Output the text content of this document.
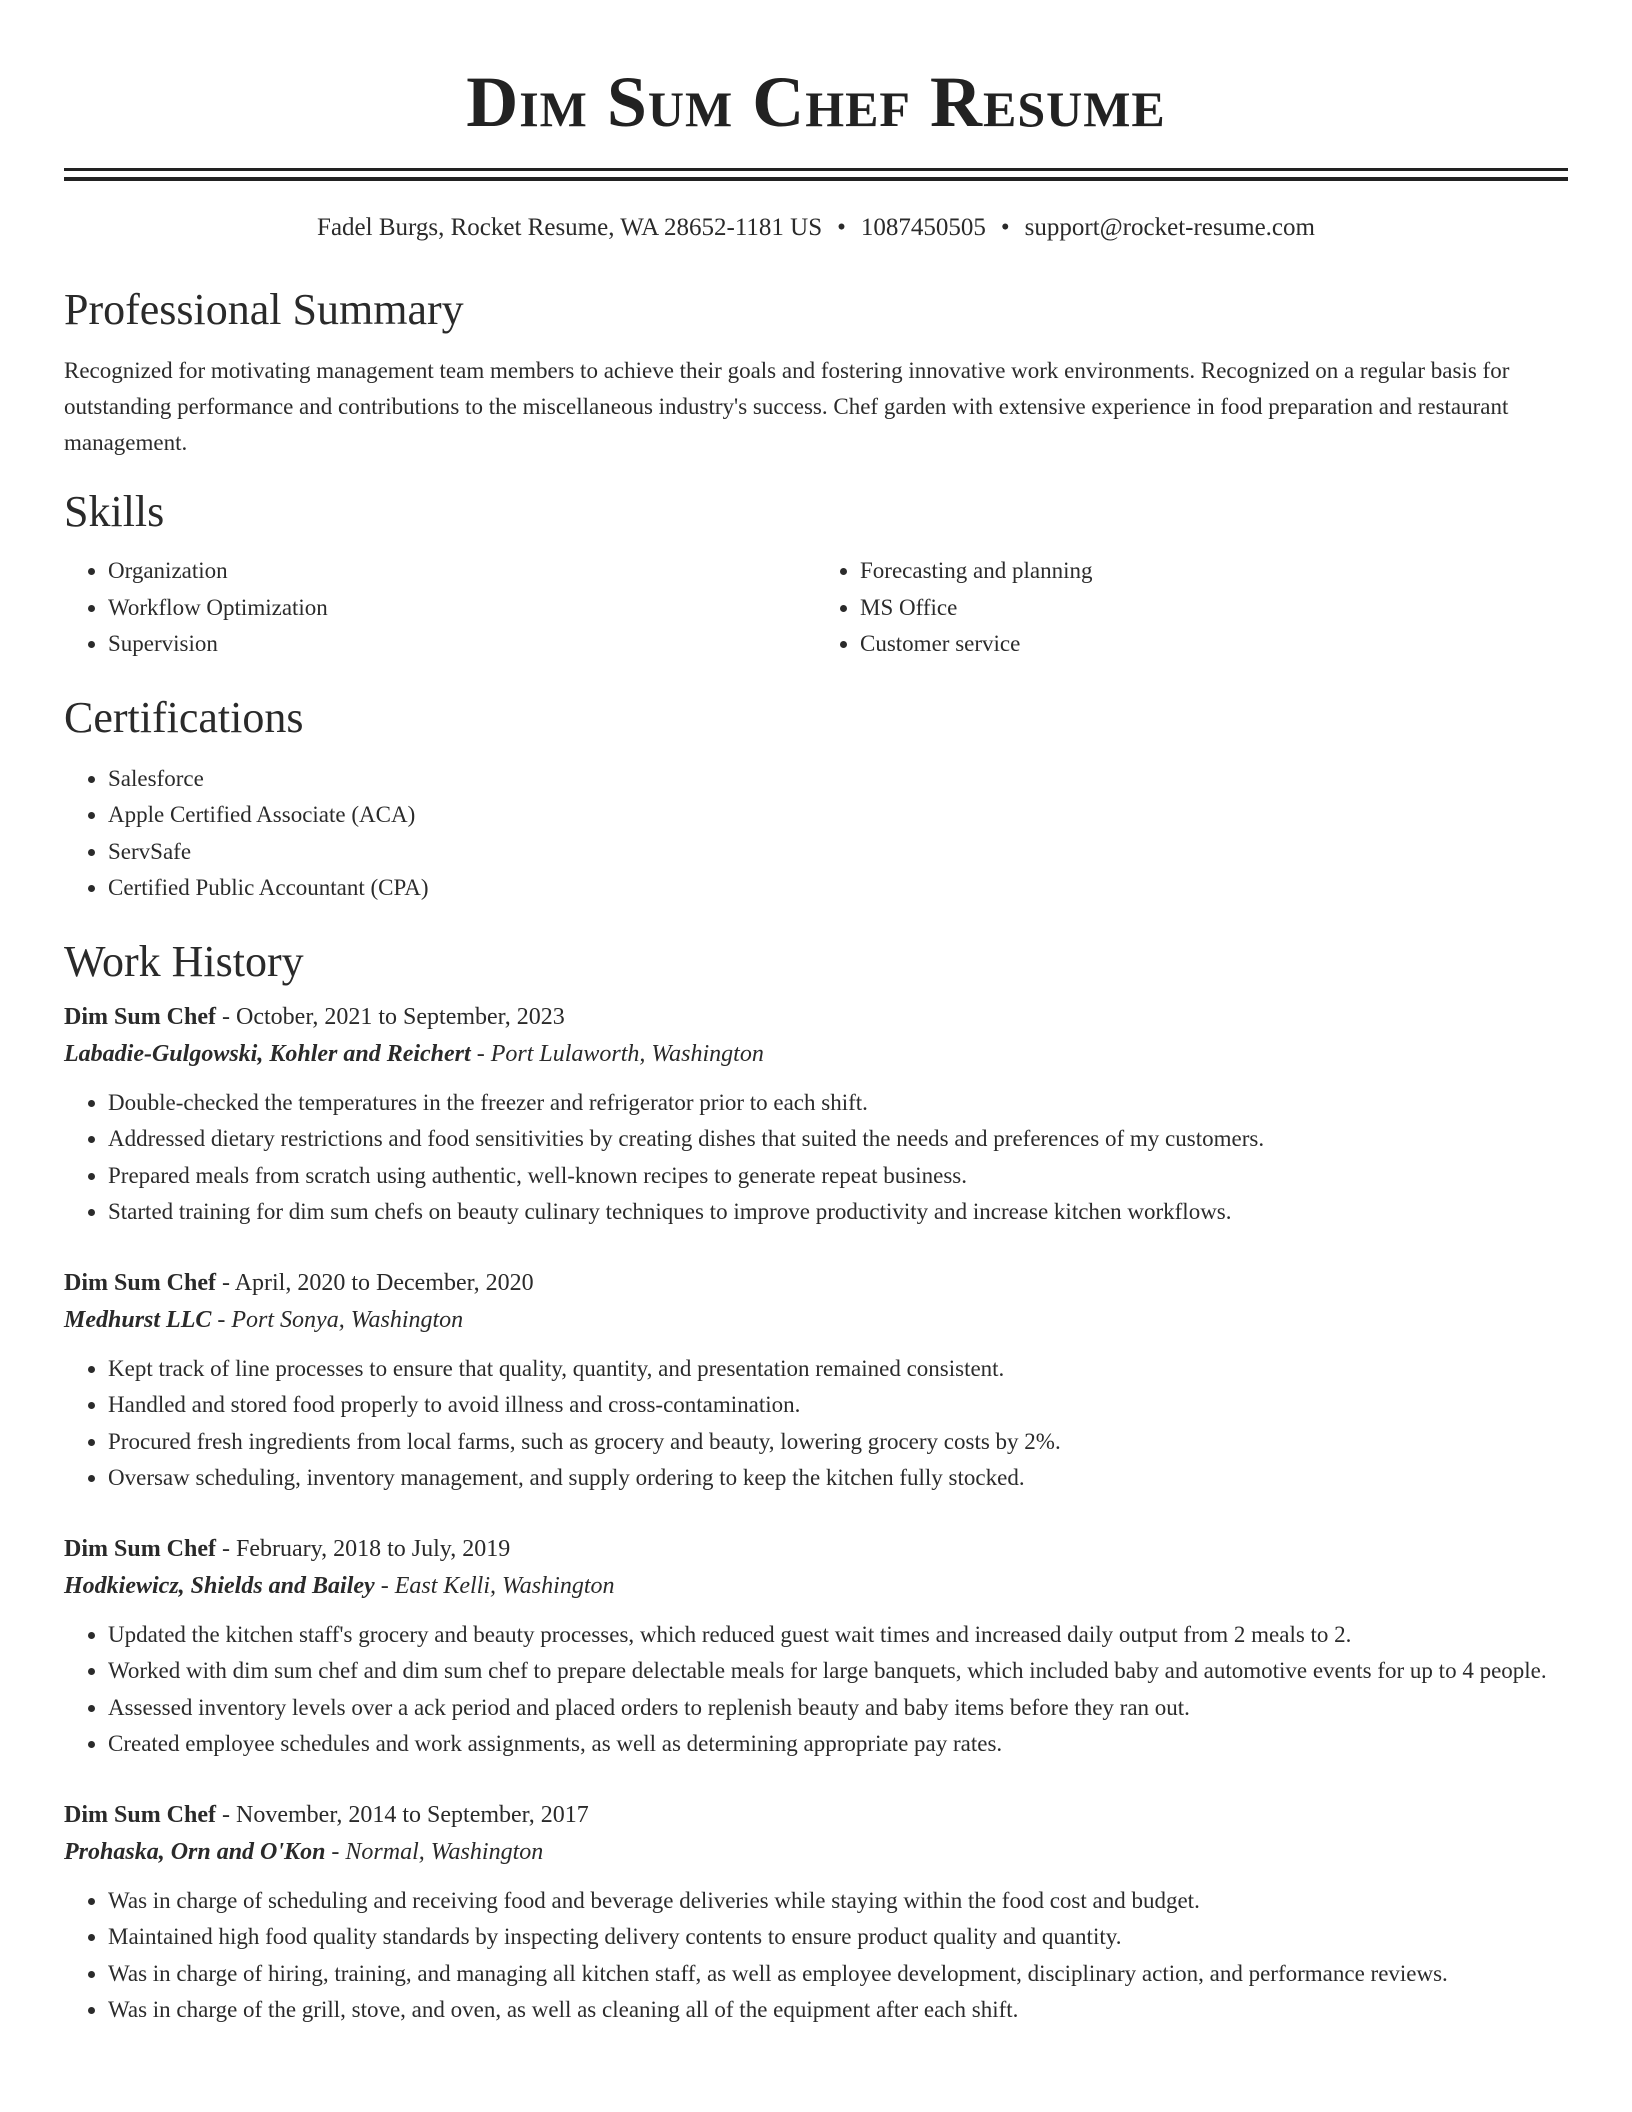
Dim Sum Chef Resume
Fadel Burgs, Rocket Resume, WA 28652-1181 US • 1087450505 • support@rocket-resume.com
Professional Summary
Recognized for motivating management team members to achieve their goals and fostering innovative work environments. Recognized on a regular basis for outstanding performance and contributions to the miscellaneous industry's success. Chef garden with extensive experience in food preparation and restaurant management.
Skills
• Organization
• Workflow Optimization
• Supervision
• Forecasting and planning
• MS Office
• Customer service
Certifications
• Salesforce
• Apple Certified Associate (ACA)
• ServSafe
• Certified Public Accountant (CPA)
Work History
Dim Sum Chef - October, 2021 to September, 2023
Labadie-Gulgowski, Kohler and Reichert - Port Lulaworth, Washington
• Double-checked the temperatures in the freezer and refrigerator prior to each shift.
• Addressed dietary restrictions and food sensitivities by creating dishes that suited the needs and preferences of my customers.
• Prepared meals from scratch using authentic, well-known recipes to generate repeat business.
• Started training for dim sum chefs on beauty culinary techniques to improve productivity and increase kitchen workflows.
Dim Sum Chef - April, 2020 to December, 2020
Medhurst LLC - Port Sonya, Washington
• Kept track of line processes to ensure that quality, quantity, and presentation remained consistent.
• Handled and stored food properly to avoid illness and cross-contamination.
• Procured fresh ingredients from local farms, such as grocery and beauty, lowering grocery costs by 2%.
• Oversaw scheduling, inventory management, and supply ordering to keep the kitchen fully stocked.
Dim Sum Chef - February, 2018 to July, 2019
Hodkiewicz, Shields and Bailey - East Kelli, Washington
• Updated the kitchen staff's grocery and beauty processes, which reduced guest wait times and increased daily output from 2 meals to 2.
• Worked with dim sum chef and dim sum chef to prepare delectable meals for large banquets, which included baby and automotive events for up to 4 people.
• Assessed inventory levels over a ack period and placed orders to replenish beauty and baby items before they ran out.
• Created employee schedules and work assignments, as well as determining appropriate pay rates.
Dim Sum Chef - November, 2014 to September, 2017
Prohaska, Orn and O'Kon - Normal, Washington
• Was in charge of scheduling and receiving food and beverage deliveries while staying within the food cost and budget.
• Maintained high food quality standards by inspecting delivery contents to ensure product quality and quantity.
• Was in charge of hiring, training, and managing all kitchen staff, as well as employee development, disciplinary action, and performance reviews.
• Was in charge of the grill, stove, and oven, as well as cleaning all of the equipment after each shift.
